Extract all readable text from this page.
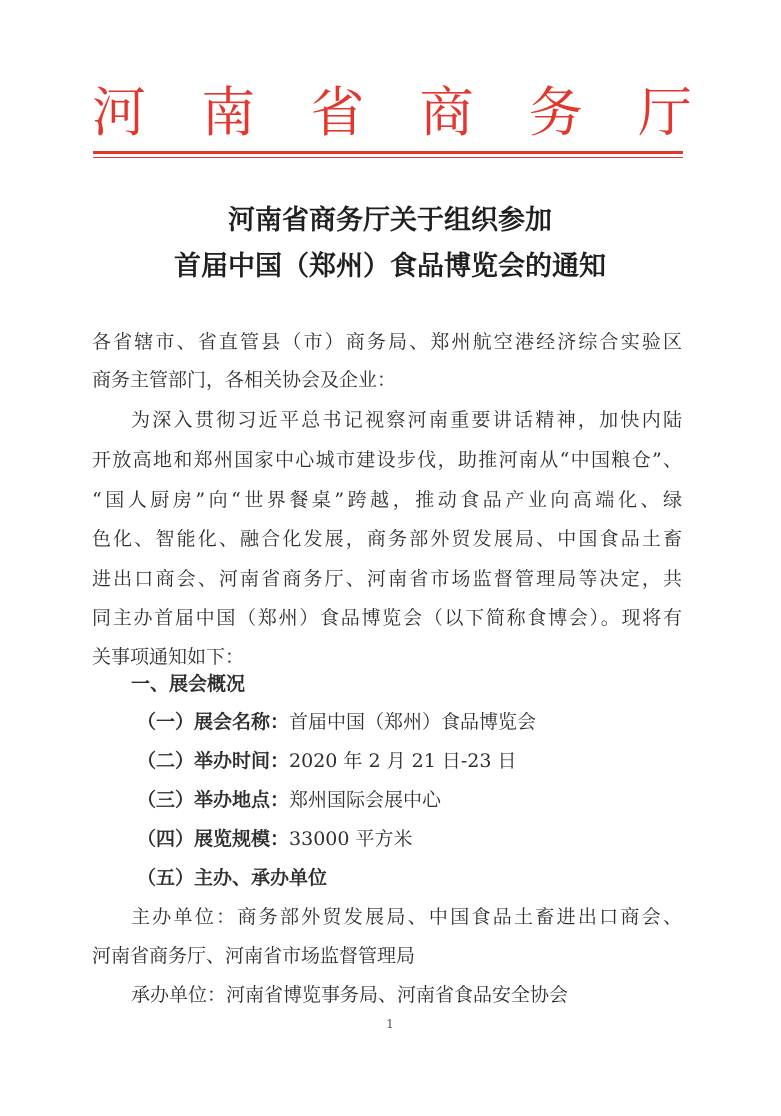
河 南 省 商 务 厅
河南省商务厅关于组织参加
首届中国（郑州）食品博览会的通知
各省辖市、省直管县（市）商务局、郑州航空港经济综合实验区
商务主管部门，各相关协会及企业：
为深入贯彻习近平总书记视察河南重要讲话精神，加快内陆
开放高地和郑州国家中心城市建设步伐，助推河南从“中国粮仓”、
“国人厨房”向“世界餐桌”跨越，推动食品产业向高端化、绿
色化、智能化、融合化发展，商务部外贸发展局、中国食品土畜
进出口商会、河南省商务厅、河南省市场监督管理局等决定，共
同主办首届中国（郑州）食品博览会（以下简称食博会）。现将有
关事项通知如下：
一、展会概况
（一）展会名称：首届中国（郑州）食品博览会
（二）举办时间：2020 年 2 月 21 日-23 日
（三）举办地点：郑州国际会展中心
（四）展览规模：33000 平方米
（五）主办、承办单位
主办单位：商务部外贸发展局、中国食品土畜进出口商会、
河南省商务厅、河南省市场监督管理局
承办单位：河南省博览事务局、河南省食品安全协会
1
